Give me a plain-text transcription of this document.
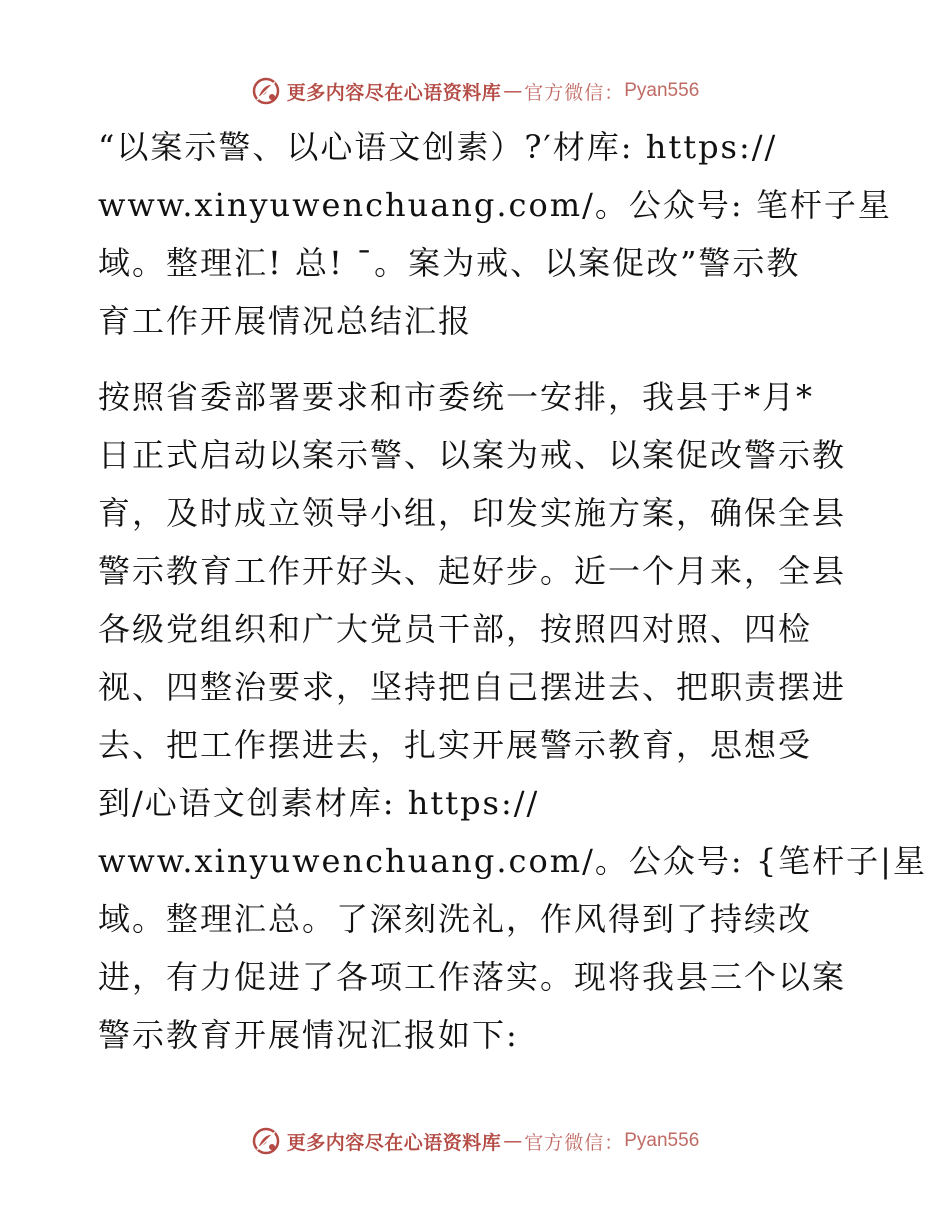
更多内容尽在心语资料库 — 官方微信： Pyan556
“以案示警、以心语文创素）?′材库: https://
www.xinyuwenchuang.com/。公众号: 笔杆子星
域。整理汇! 总! ¯。案为戒、以案促改”警示教
育工作开展情况总结汇报
按照省委部署要求和市委统一安排，我县于*月*
日正式启动以案示警、以案为戒、以案促改警示教
育，及时成立领导小组，印发实施方案，确保全县
警示教育工作开好头、起好步。近一个月来，全县
各级党组织和广大党员干部，按照四对照、四检
视、四整治要求，坚持把自己摆进去、把职责摆进
去、把工作摆进去，扎实开展警示教育，思想受
到/心语文创素材库: https://
www.xinyuwenchuang.com/。公众号: {笔杆子|星
域。整理汇总。了深刻洗礼，作风得到了持续改
进，有力促进了各项工作落实。现将我县三个以案
警示教育开展情况汇报如下:
更多内容尽在心语资料库 — 官方微信： Pyan556
